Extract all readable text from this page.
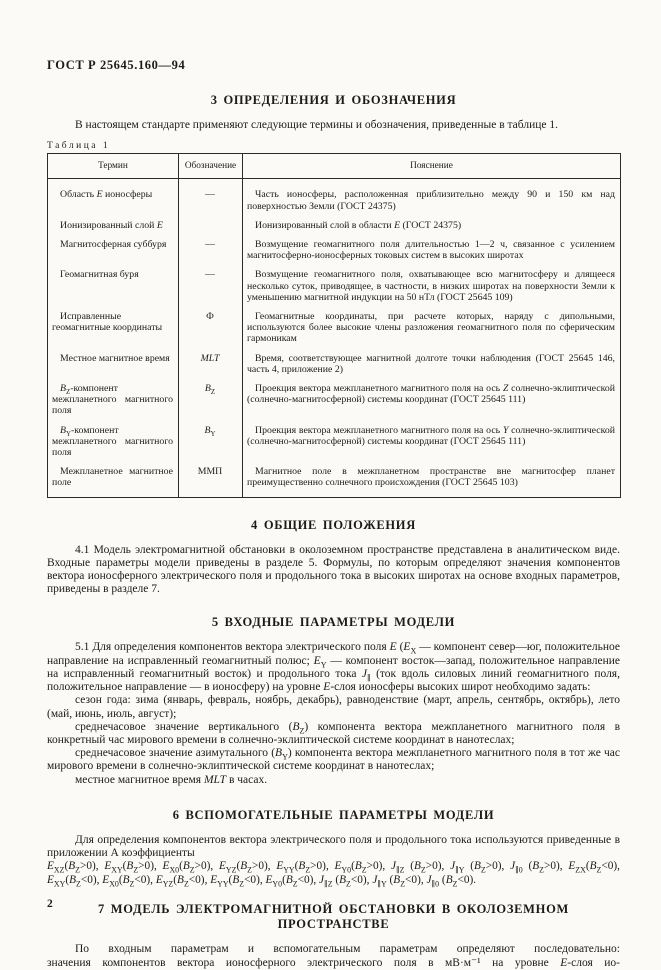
ГОСТ Р 25645.160—94

3 ОПРЕДЕЛЕНИЯ И ОБОЗНАЧЕНИЯ

В настоящем стандарте применяют следующие термины и обозначения, приведенные в таблице 1.

Таблица 1

Термин	Обозначение	Пояснение
Область Е ионосферы	—	Часть ионосферы, расположенная приблизительно между 90 и 150 км над поверхностью Земли (ГОСТ 24375)
Ионизированный слой Е		Ионизированный слой в области Е (ГОСТ 24375)
Магнитосферная суббуря	—	Возмущение геомагнитного поля длительностью 1—2 ч, связанное с усилением магнитосферно-ионосферных токовых систем в высоких широтах
Геомагнитная буря	—	Возмущение геомагнитного поля, охватывающее всю магнитосферу и длящееся несколько суток, приводящее, в частности, в низких широтах на поверхности Земли к уменьшению магнитной индукции на 50 нТл (ГОСТ 25645 109)
Исправленные геомагнитные координаты	Ф	Геомагнитные координаты, при расчете которых, наряду с дипольными, используются более высокие члены разложения геомагнитного поля по сферическим гармоникам
Местное магнитное время	MLT	Время, соответствующее магнитной долготе точки наблюдения (ГОСТ 25645 146, часть 4, приложение 2)
$B_Z$-компонент межпланетного магнитного поля	$B_Z$	Проекция вектора межпланетного магнитного поля на ось Z солнечно-эклиптической (солнечно-магнитосферной) системы координат (ГОСТ 25645 111)
$B_Y$-компонент межпланетного магнитного поля	$B_Y$	Проекция вектора межпланетного магнитного поля на ось Y солнечно-эклиптической (солнечно-магнитосферной) системы координат (ГОСТ 25645 111)
Межпланетное магнитное поле	ММП	Магнитное поле в межпланетном пространстве вне магнитосфер планет преимущественно солнечного происхождения (ГОСТ 25645 103)
4 ОБЩИЕ ПОЛОЖЕНИЯ

4.1 Модель электромагнитной обстановки в околоземном пространстве представлена в аналитическом виде. Входные параметры модели приведены в разделе 5. Формулы, по которым определяют значения компонентов вектора ионосферного электрического поля и продольного тока в высоких широтах на основе входных параметров, приведены в разделе 7.

5 ВХОДНЫЕ ПАРАМЕТРЫ МОДЕЛИ

5.1 Для определения компонентов вектора электрического поля Е ($Е_X$ — компонент север—юг, положительное направление на исправленный геомагнитный полюс; $Е_Y$ — компонент восток—запад, положительное направление на исправленный геомагнитный восток) и продольного тока $J_\parallel$ (ток вдоль силовых линий геомагнитного поля, положительное направление — в ионосферу) на уровне Е-слоя ионосферы высоких широт необходимо задать:

сезон года: зима (январь, февраль, ноябрь, декабрь), равноденствие (март, апрель, сентябрь, октябрь), лето (май, июнь, июль, август);

среднечасовое значение вертикального $(B_Z)$ компонента вектора межпланетного магнитного поля в конкретный час мирового времени в солнечно-эклиптической системе координат в нанотеслах;

среднечасовое значение азимутального $(B_Y)$ компонента вектора межпланетного магнитного поля в тот же час мирового времени в солнечно-эклиптической системе координат в нанотеслах;

местное магнитное время MLT в часах.

6 ВСПОМОГАТЕЛЬНЫЕ ПАРАМЕТРЫ МОДЕЛИ

Для определения компонентов вектора электрического поля и продольного тока используются приведенные в приложении А коэффициенты

$E_{XZ}(B_Z>0)$, $E_{XY}(B_Z>0)$, $E_{X0}(B_Z>0)$, $E_{YZ}(B_Z>0)$, $E_{YY}(B_Z>0)$, $E_{Y0}(B_Z>0)$, $J_{\parallel Z}$ $(B_Z>0)$, $J_{\parallel Y}$ $(B_Z>0)$, $J_{\parallel 0}$ $(B_Z>0)$, $E_{ZX}(B_Z<0)$, $E_{XY}(B_Z<0)$, $E_{X0}(B_Z<0)$, $E_{YZ}(B_Z<0)$, $E_{YY}(B_Z<0)$, $E_{Y0}(B_Z<0)$, $J_{\parallel Z}$ $(B_Z<0)$, $J_{\parallel Y}$ $(B_Z<0)$, $J_{\parallel 0}$ $(B_Z<0)$.

7 МОДЕЛЬ ЭЛЕКТРОМАГНИТНОЙ ОБСТАНОВКИ В ОКОЛОЗЕМНОМ ПРОСТРАНСТВЕ

По входным параметрам и вспомогательным параметрам определяют последовательно:

значения компонентов вектора ионосферного электрического поля в мВ·м⁻¹ на уровне Е-слоя ио-

2
